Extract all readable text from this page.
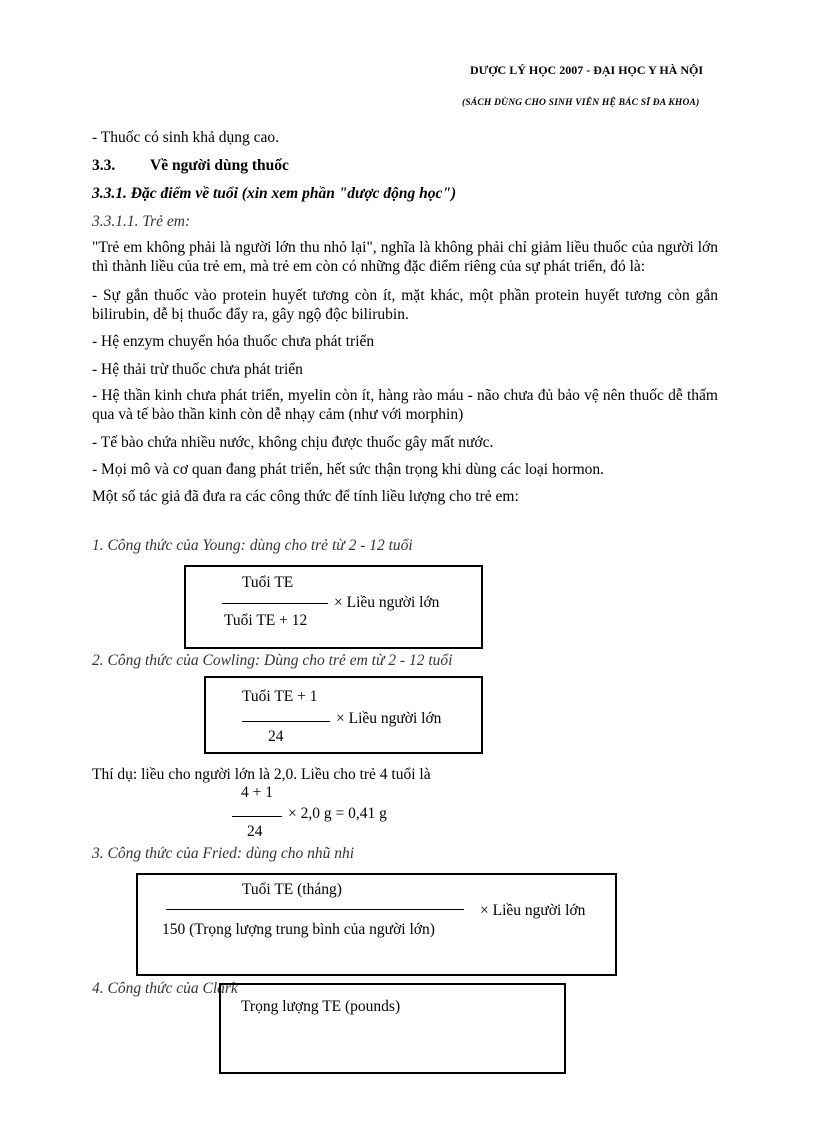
DƯỢC LÝ HỌC 2007 - ĐẠI HỌC Y HÀ NỘI
(SÁCH DÙNG CHO SINH VIÊN HỆ BÁC SĨ ĐA KHOA)
- Thuốc có sinh khả dụng cao.
3.3. Về người dùng thuốc
3.3.1. Đặc điểm về tuổi (xin xem phần "dược động học")
3.3.1.1. Trẻ em:
"Trẻ em không phải là người lớn thu nhỏ lại", nghĩa là không phải chỉ giảm liều thuốc của người lớn thì thành liều của trẻ em, mà trẻ em còn có những đặc điểm riêng của sự phát triển, đó là:
- Sự gắn thuốc vào protein huyết tương còn ít, mặt khác, một phần protein huyết tương còn gắn bilirubin, dễ bị thuốc đẩy ra, gây ngộ độc bilirubin.
- Hệ enzym chuyển hóa thuốc chưa phát triển
- Hệ thải trừ thuốc chưa phát triển
- Hệ thần kinh chưa phát triển, myelin còn ít, hàng rào máu - não chưa đủ bảo vệ nên thuốc dễ thấm qua và tế bào thần kinh còn dễ nhạy cảm (như với morphin)
- Tế bào chứa nhiều nước, không chịu được thuốc gây mất nước.
- Mọi mô và cơ quan đang phát triển, hết sức thận trọng khi dùng các loại hormon.
Một số tác giả đã đưa ra các công thức để tính liều lượng cho trẻ em:
1. Công thức của Young: dùng cho trẻ từ 2 - 12 tuổi
Tuổi TE
× Liều người lớn
Tuổi TE + 12
2. Công thức của Cowling: Dùng cho trẻ em từ 2 - 12 tuổi
Tuổi TE + 1
× Liều người lớn
24
Thí dụ: liều cho người lớn là 2,0. Liều cho trẻ 4 tuổi là
4 + 1
× 2,0 g = 0,41 g
24
3. Công thức của Fried: dùng cho nhũ nhi
Tuổi TE (tháng)
× Liều người lớn
150 (Trọng lượng trung bình của người lớn)
4. Công thức của Clark
Trọng lượng TE (pounds)
